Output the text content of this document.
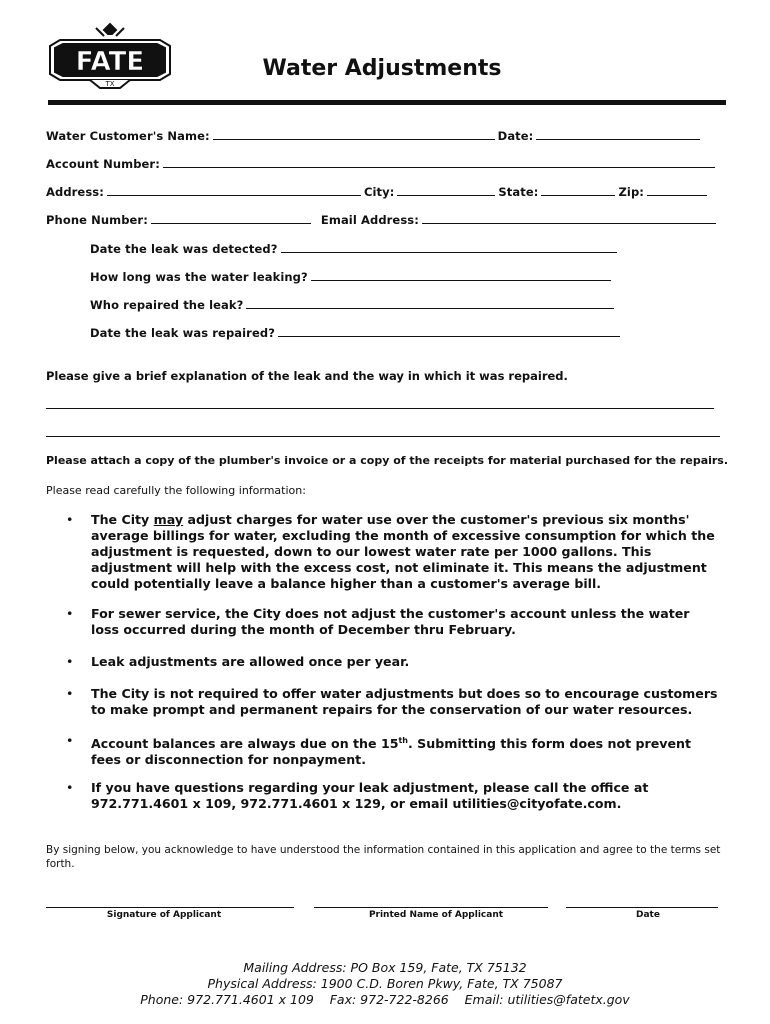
FATE
TX
Water Adjustments
Water Customer's Name:	Date:
Account Number:
Address:	City:	State:	Zip:
Phone Number:	Email Address:
Date the leak was detected?
How long was the water leaking?
Who repaired the leak?
Date the leak was repaired?
Please give a brief explanation of the leak and the way in which it was repaired.
Please attach a copy of the plumber's invoice or a copy of the receipts for material purchased for the repairs.
Please read carefully the following information:
• The City may adjust charges for water use over the customer's previous six months' average billings for water, excluding the month of excessive consumption for which the adjustment is requested, down to our lowest water rate per 1000 gallons. This adjustment will help with the excess cost, not eliminate it. This means the adjustment could potentially leave a balance higher than a customer's average bill.
• For sewer service, the City does not adjust the customer's account unless the water loss occurred during the month of December thru February.
• Leak adjustments are allowed once per year.
• The City is not required to offer water adjustments but does so to encourage customers to make prompt and permanent repairs for the conservation of our water resources.
• Account balances are always due on the 15th. Submitting this form does not prevent fees or disconnection for nonpayment.
• If you have questions regarding your leak adjustment, please call the office at 972.771.4601 x 109, 972.771.4601 x 129, or email utilities@cityofate.com.
By signing below, you acknowledge to have understood the information contained in this application and agree to the terms set forth.
Signature of Applicant	Printed Name of Applicant	Date
Mailing Address: PO Box 159, Fate, TX 75132
Physical Address: 1900 C.D. Boren Pkwy, Fate, TX 75087
Phone: 972.771.4601 x 109    Fax: 972-722-8266    Email: utilities@fatetx.gov
